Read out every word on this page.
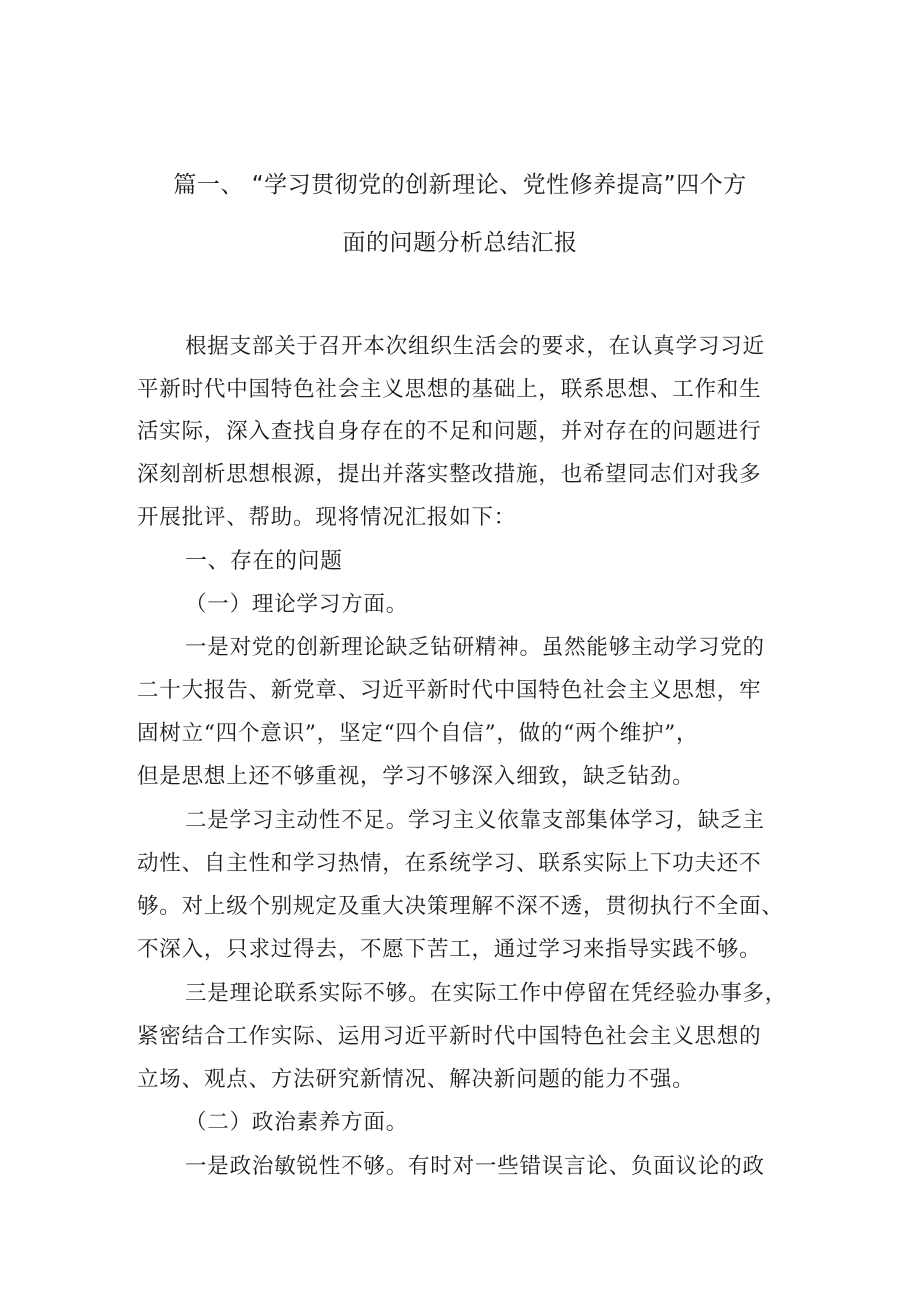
篇一、 “学习贯彻党的创新理论、党性修养提高”四个方
面的问题分析总结汇报
根据支部关于召开本次组织生活会的要求，在认真学习习近
平新时代中国特色社会主义思想的基础上，联系思想、工作和生
活实际，深入查找自身存在的不足和问题，并对存在的问题进行
深刻剖析思想根源，提出并落实整改措施，也希望同志们对我多
开展批评、帮助。现将情况汇报如下：
一、存在的问题
（一）理论学习方面。
一是对党的创新理论缺乏钻研精神。虽然能够主动学习党的
二十大报告、新党章、习近平新时代中国特色社会主义思想，牢
固树立“四个意识”，坚定“四个自信”，做的“两个维护”，
但是思想上还不够重视，学习不够深入细致，缺乏钻劲。
二是学习主动性不足。学习主义依靠支部集体学习，缺乏主
动性、自主性和学习热情，在系统学习、联系实际上下功夫还不
够。对上级个别规定及重大决策理解不深不透，贯彻执行不全面、
不深入，只求过得去，不愿下苦工，通过学习来指导实践不够。
三是理论联系实际不够。在实际工作中停留在凭经验办事多，
紧密结合工作实际、运用习近平新时代中国特色社会主义思想的
立场、观点、方法研究新情况、解决新问题的能力不强。
（二）政治素养方面。
一是政治敏锐性不够。有时对一些错误言论、负面议论的政
